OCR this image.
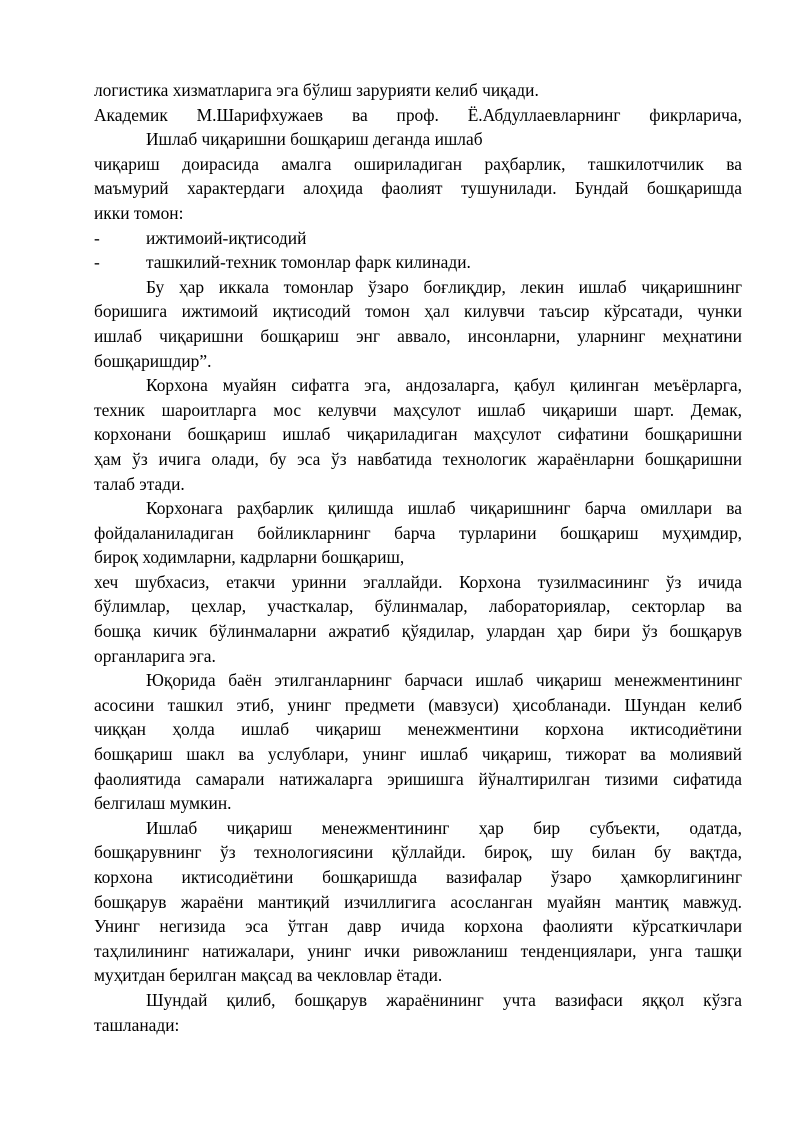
логистика хизматларига эга бўлиш зарурияти келиб чиқади.
Академик М.Шарифхужаев ва проф. Ё.Абдуллаевларнинг фикрларича,
Ишлаб чиқаришни бошқариш деганда ишлаб
чиқариш доирасида амалга ошириладиган раҳбарлик, ташкилотчилик ва
маъмурий характердаги алоҳида фаолият тушунилади. Бундай бошқаришда
икки томон:
-	ижтимоий-иқтисодий
-	ташкилий-техник томонлар фарк килинади.
Бу ҳар иккала томонлар ўзаро боғлиқдир, лекин ишлаб чиқаришнинг
боришига ижтимоий иқтисодий томон ҳал килувчи таъсир кўрсатади, чунки
ишлаб чиқаришни бошқариш энг аввало, инсонларни, уларнинг меҳнатини
бошқаришдир”.
Корхона муайян сифатга эга, андозаларга, қабул қилинган меъёрларга,
техник шароитларга мос келувчи маҳсулот ишлаб чиқариши шарт. Демак,
корхонани бошқариш ишлаб чиқариладиган маҳсулот сифатини бошқаришни
ҳам ўз ичига олади, бу эса ўз навбатида технологик жараёнларни бошқаришни
талаб этади.
Корхонага раҳбарлик қилишда ишлаб чиқаришнинг барча омиллари ва
фойдаланиладиган бойликларнинг барча турларини бошқариш муҳимдир,
бироқ ходимларни, кадрларни бошқариш,
хеч шубхасиз, етакчи уринни эгаллайди. Корхона тузилмасининг ўз ичида
бўлимлар, цехлар, участкалар, бўлинмалар, лабораториялар, секторлар ва
бошқа кичик бўлинмаларни ажратиб қўядилар, улардан ҳар бири ўз бошқарув
органларига эга.
Юқорида баён этилганларнинг барчаси ишлаб чиқариш менежментининг
асосини ташкил этиб, унинг предмети (мавзуси) ҳисобланади. Шундан келиб
чиққан ҳолда ишлаб чиқариш менежментини корхона иктисодиётини
бошқариш шакл ва услублари, унинг ишлаб чиқариш, тижорат ва молиявий
фаолиятида самарали натижаларга эришишга йўналтирилган тизими сифатида
белгилаш мумкин.
Ишлаб чиқариш менежментининг ҳар бир субъекти, одатда,
бошқарувнинг ўз технологиясини қўллайди. бироқ, шу билан бу вақтда,
корхона иктисодиётини бошқаришда вазифалар ўзаро ҳамкорлигининг
бошқарув жараёни мантиқий изчиллигига асосланган муайян мантиқ мавжуд.
Унинг негизида эса ўтган давр ичида корхона фаолияти кўрсаткичлари
таҳлилининг натижалари, унинг ички ривожланиш тенденциялари, унга ташқи
муҳитдан берилган мақсад ва чекловлар ётади.
Шундай қилиб, бошқарув жараёнининг учта вазифаси яққол кўзга
ташланади:
